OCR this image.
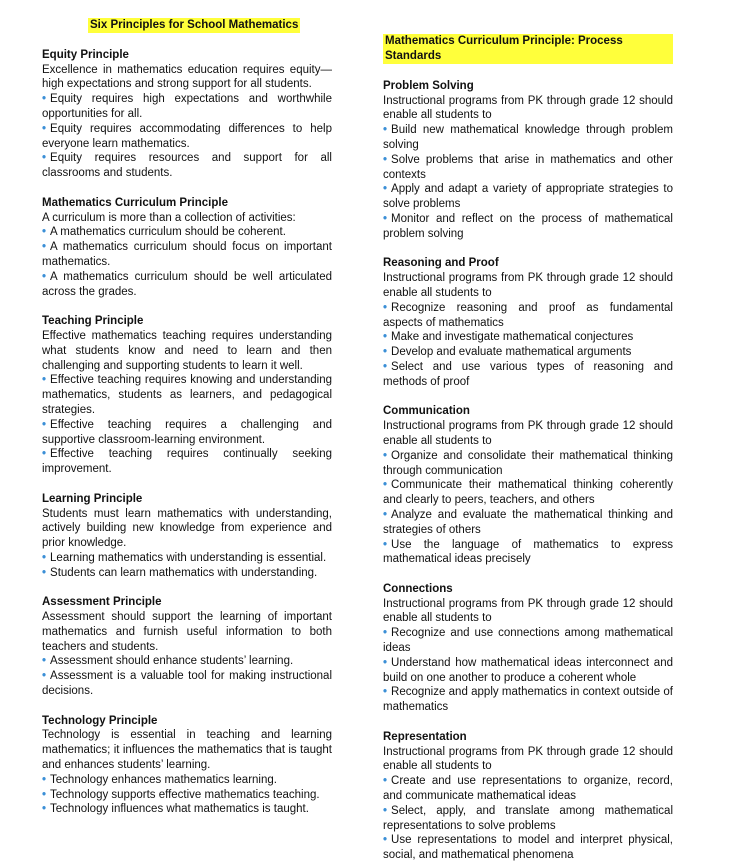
Six Principles for School Mathematics

Equity Principle

Excellence in mathematics education requires equity—high expectations and strong support for all students.

• Equity requires high expectations and worthwhile opportunities for all.

• Equity requires accommodating differences to help everyone learn mathematics.

• Equity requires resources and support for all classrooms and students.

Mathematics Curriculum Principle

A curriculum is more than a collection of activities:

• A mathematics curriculum should be coherent.

• A mathematics curriculum should focus on important mathematics.

• A mathematics curriculum should be well articulated across the grades.

Teaching Principle

Effective mathematics teaching requires understanding what students know and need to learn and then challenging and supporting students to learn it well.

• Effective teaching requires knowing and understanding mathematics, students as learners, and pedagogical strategies.

• Effective teaching requires a challenging and supportive classroom-learning environment.

• Effective teaching requires continually seeking improvement.

Learning Principle

Students must learn mathematics with understanding, actively building new knowledge from experience and prior knowledge.

• Learning mathematics with understanding is essential.

• Students can learn mathematics with understanding.

Assessment Principle

Assessment should support the learning of important mathematics and furnish useful information to both teachers and students.

• Assessment should enhance students’ learning.

• Assessment is a valuable tool for making instructional decisions.

Technology Principle

Technology is essential in teaching and learning mathematics; it influences the mathematics that is taught and enhances students’ learning.

• Technology enhances mathematics learning.

• Technology supports effective mathematics teaching.

• Technology influences what mathematics is taught.

Mathematics Curriculum Principle: Process Standards

Problem Solving

Instructional programs from PK through grade 12 should enable all students to

• Build new mathematical knowledge through problem solving

• Solve problems that arise in mathematics and other contexts

• Apply and adapt a variety of appropriate strategies to solve problems

• Monitor and reflect on the process of mathematical problem solving

Reasoning and Proof

Instructional programs from PK through grade 12 should enable all students to

• Recognize reasoning and proof as fundamental aspects of mathematics

• Make and investigate mathematical conjectures

• Develop and evaluate mathematical arguments

• Select and use various types of reasoning and methods of proof

Communication

Instructional programs from PK through grade 12 should enable all students to

• Organize and consolidate their mathematical thinking through communication

• Communicate their mathematical thinking coherently and clearly to peers, teachers, and others

• Analyze and evaluate the mathematical thinking and strategies of others

• Use the language of mathematics to express mathematical ideas precisely

Connections

Instructional programs from PK through grade 12 should enable all students to

• Recognize and use connections among mathematical ideas

• Understand how mathematical ideas interconnect and build on one another to produce a coherent whole

• Recognize and apply mathematics in context outside of mathematics

Representation

Instructional programs from PK through grade 12 should enable all students to

• Create and use representations to organize, record, and communicate mathematical ideas

• Select, apply, and translate among mathematical representations to solve problems

• Use representations to model and interpret physical, social, and mathematical phenomena
